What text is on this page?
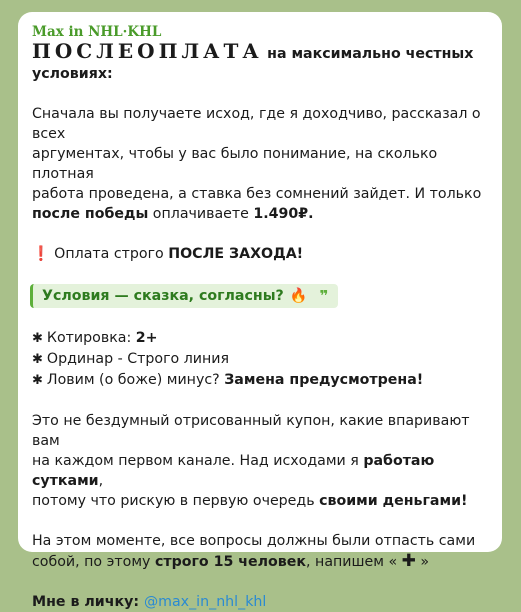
Max in NHL·KHL
ПОСЛЕОПЛАТА на максимально честных
условиях:

Сначала вы получаете исход, где я доходчиво, рассказал о всех
аргументах, чтобы у вас было понимание, на сколько плотная
работа проведена, а ставка без сомнений зайдет. И только
после победы оплачиваете 1.490₽.

❗ Оплата строго ПОСЛЕ ЗАХОДА!

Условия — сказка, согласны? 🔥 ❞

✱ Котировка: 2+
✱ Ординар - Строго линия
✱ Ловим (о боже) минус? Замена предусмотрена!

Это не бездумный отрисованный купон, какие впаривают вам
на каждом первом канале. Над исходами я работаю сутками,
потому что рискую в первую очередь своими деньгами!

На этом моменте, все вопросы должны были отпасть сами
собой, по этому строго 15 человек, напишем « ✚ »

Мне в личку: @max_in_nhl_khl
